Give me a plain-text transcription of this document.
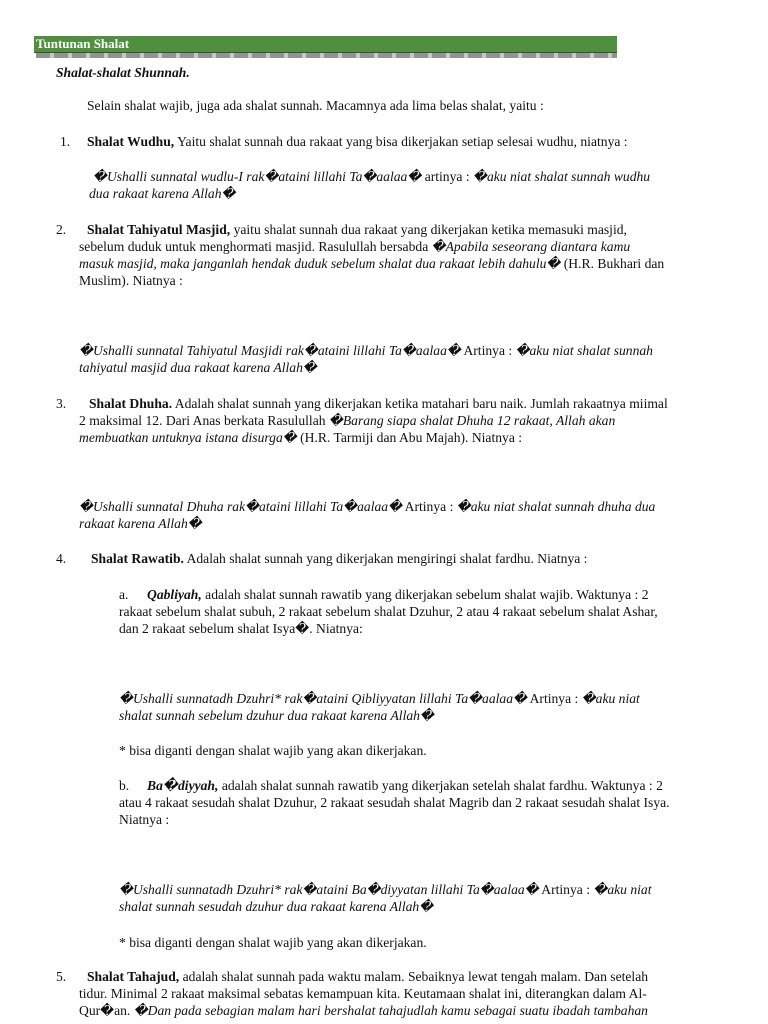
Tuntunan Shalat
Shalat-shalat Shunnah.
Selain shalat wajib, juga ada shalat sunnah. Macamnya ada lima belas shalat, yaitu :
1. Shalat Wudhu, Yaitu shalat sunnah dua rakaat yang bisa dikerjakan setiap selesai wudhu, niatnya :
�Ushalli sunnatal wudlu-I rak�ataini lillahi Ta�aalaa� artinya : �aku niat shalat sunnah wudhu
dua rakaat karena Allah�
2. Shalat Tahiyatul Masjid, yaitu shalat sunnah dua rakaat yang dikerjakan ketika memasuki masjid,
sebelum duduk untuk menghormati masjid. Rasulullah bersabda �Apabila seseorang diantara kamu
masuk masjid, maka janganlah hendak duduk sebelum shalat dua rakaat lebih dahulu� (H.R. Bukhari dan
Muslim). Niatnya :
�Ushalli sunnatal Tahiyatul Masjidi rak�ataini lillahi Ta�aalaa� Artinya : �aku niat shalat sunnah
tahiyatul masjid dua rakaat karena Allah�
3. Shalat Dhuha. Adalah shalat sunnah yang dikerjakan ketika matahari baru naik. Jumlah rakaatnya miimal
2 maksimal 12. Dari Anas berkata Rasulullah �Barang siapa shalat Dhuha 12 rakaat, Allah akan
membuatkan untuknya istana disurga� (H.R. Tarmiji dan Abu Majah). Niatnya :
�Ushalli sunnatal Dhuha rak�ataini lillahi Ta�aalaa� Artinya : �aku niat shalat sunnah dhuha dua
rakaat karena Allah�
4. Shalat Rawatib. Adalah shalat sunnah yang dikerjakan mengiringi shalat fardhu. Niatnya :
a. Qabliyah, adalah shalat sunnah rawatib yang dikerjakan sebelum shalat wajib. Waktunya : 2
rakaat sebelum shalat subuh, 2 rakaat sebelum shalat Dzuhur, 2 atau 4 rakaat sebelum shalat Ashar,
dan 2 rakaat sebelum shalat Isya�. Niatnya:
�Ushalli sunnatadh Dzuhri* rak�ataini Qibliyyatan lillahi Ta�aalaa� Artinya : �aku niat
shalat sunnah sebelum dzuhur dua rakaat karena Allah�
* bisa diganti dengan shalat wajib yang akan dikerjakan.
b. Ba�diyyah, adalah shalat sunnah rawatib yang dikerjakan setelah shalat fardhu. Waktunya : 2
atau 4 rakaat sesudah shalat Dzuhur, 2 rakaat sesudah shalat Magrib dan 2 rakaat sesudah shalat Isya.
Niatnya :
�Ushalli sunnatadh Dzuhri* rak�ataini Ba�diyyatan lillahi Ta�aalaa� Artinya : �aku niat
shalat sunnah sesudah dzuhur dua rakaat karena Allah�
* bisa diganti dengan shalat wajib yang akan dikerjakan.
5. Shalat Tahajud, adalah shalat sunnah pada waktu malam. Sebaiknya lewat tengah malam. Dan setelah
tidur. Minimal 2 rakaat maksimal sebatas kemampuan kita. Keutamaan shalat ini, diterangkan dalam Al-
Qur�an. �Dan pada sebagian malam hari bershalat tahajudlah kamu sebagai suatu ibadah tambahan
